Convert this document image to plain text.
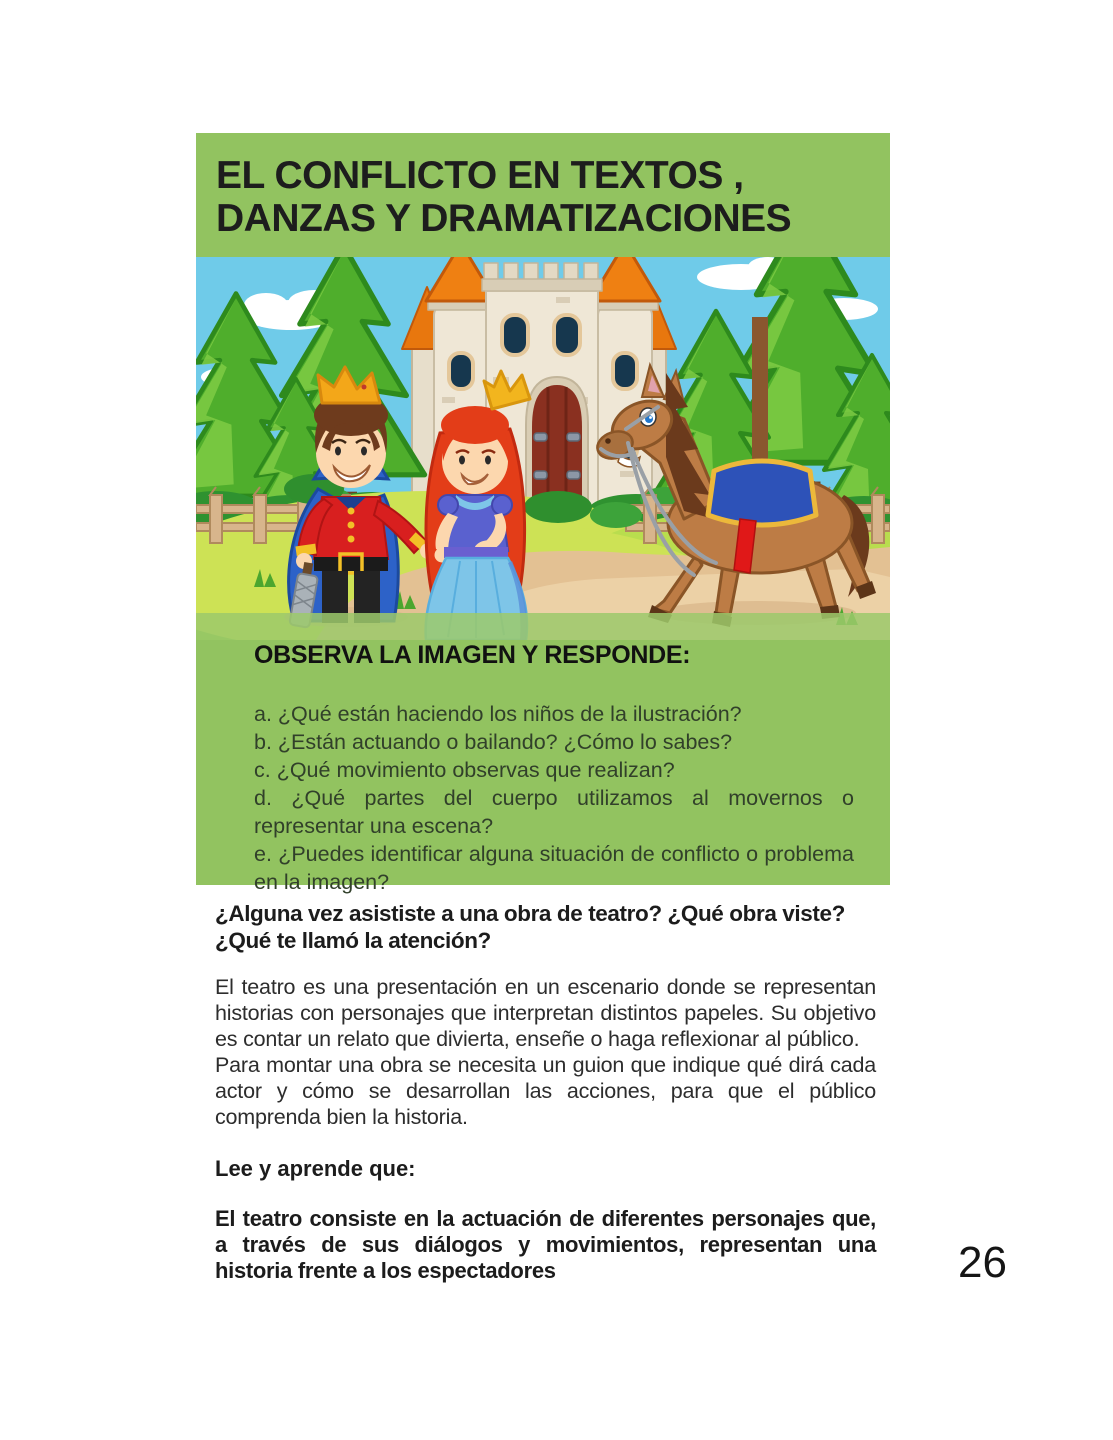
EL CONFLICTO EN TEXTOS , DANZAS Y DRAMATIZACIONES

OBSERVA LA IMAGEN Y RESPONDE:

a. ¿Qué están haciendo los niños de la ilustración?

b. ¿Están actuando o bailando? ¿Cómo lo sabes?

c. ¿Qué movimiento observas que realizan?

d. ¿Qué partes del cuerpo utilizamos al movernos o representar una escena?

e. ¿Puedes identificar alguna situación de conflicto o problema en la imagen?

¿Alguna vez asististe a una obra de teatro? ¿Qué obra viste? ¿Qué te llamó la atención?

El teatro es una presentación en un escenario donde se representan historias con personajes que interpretan distintos papeles. Su objetivo es contar un relato que divierta, enseñe o haga reflexionar al público.

Para montar una obra se necesita un guion que indique qué dirá cada actor y cómo se desarrollan las acciones, para que el público comprenda bien la historia.

Lee y aprende que:

El teatro consiste en la actuación de diferentes personajes que, a través de sus diálogos y movimientos, representan una historia frente a los espectadores	26
